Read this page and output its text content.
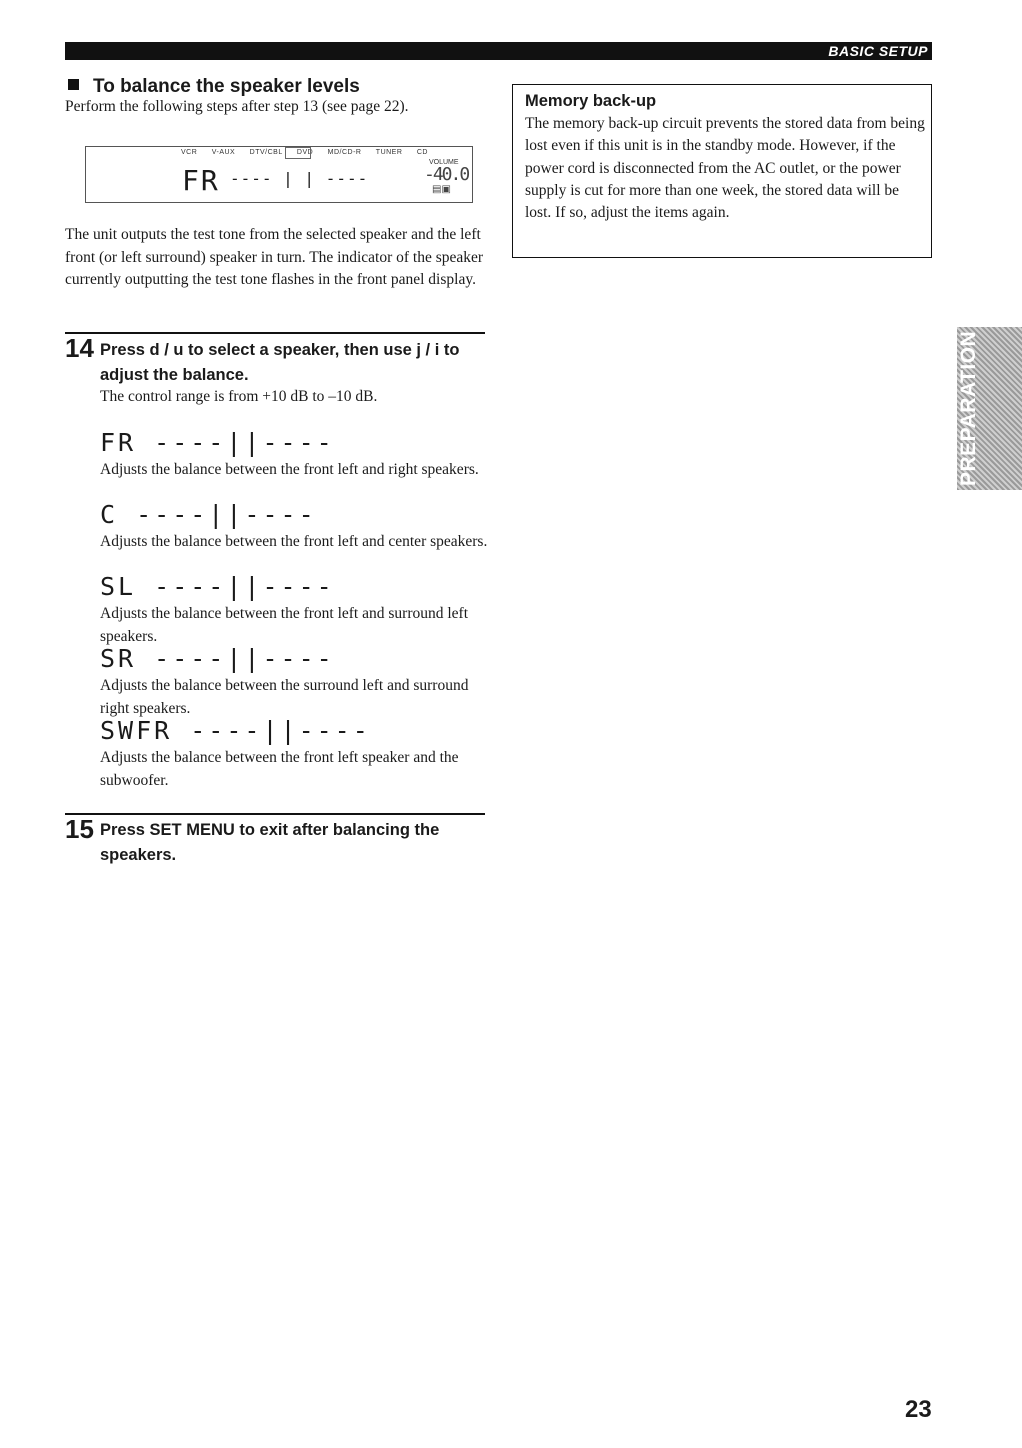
BASIC SETUP
To balance the speaker levels
Perform the following steps after step 13 (see page 22).
VCR V-AUX DTV/CBL DVD MD/CD-R TUNER CD
FR ---- | | ----
VOLUME
-40.0
▤▣
The unit outputs the test tone from the selected speaker and the left front (or left surround) speaker in turn. The indicator of the speaker currently outputting the test tone flashes in the front panel display.
14 Press d / u to select a speaker, then use j / i to adjust the balance.
The control range is from +10 dB to –10 dB.
FR ----||----
Adjusts the balance between the front left and right speakers.
C ----||----
Adjusts the balance between the front left and center speakers.
SL ----||----
Adjusts the balance between the front left and surround left speakers.
SR ----||----
Adjusts the balance between the surround left and surround right speakers.
SWFR ----||----
Adjusts the balance between the front left speaker and the subwoofer.
15 Press SET MENU to exit after balancing the speakers.
Memory back-up
The memory back-up circuit prevents the stored data from being lost even if this unit is in the standby mode. However, if the power cord is disconnected from the AC outlet, or the power supply is cut for more than one week, the stored data will be lost. If so, adjust the items again.
PREPARATION
23
